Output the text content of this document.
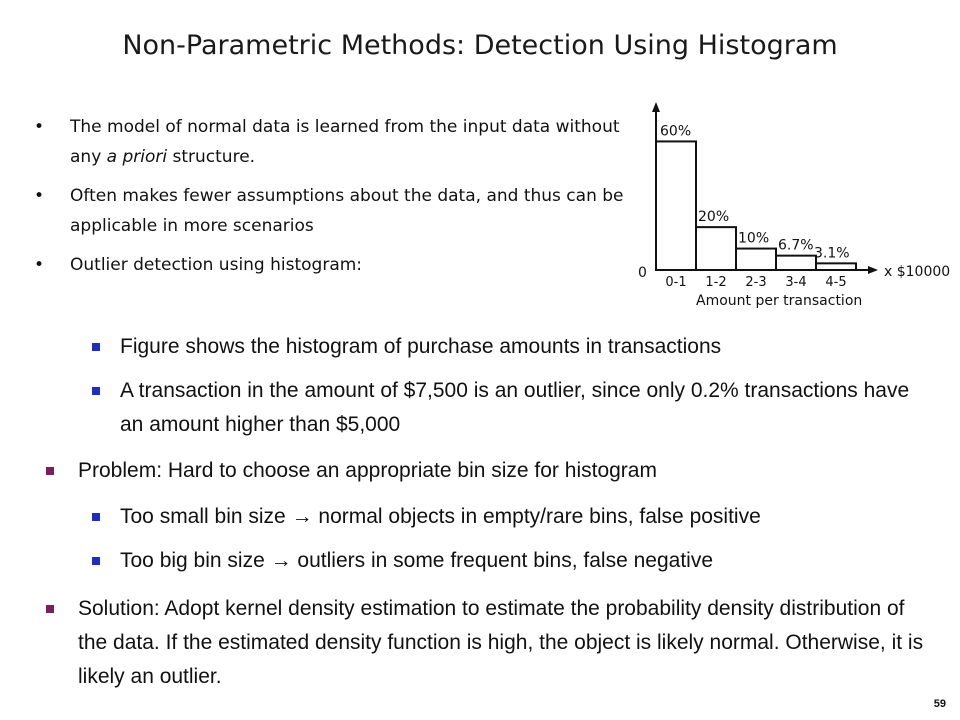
Non-Parametric Methods: Detection Using Histogram
• The model of normal data is learned from the input data without any a priori structure.
• Often makes fewer assumptions about the data, and thus can be applicable in more scenarios
• Outlier detection using histogram:
60%
20%
10% 6.7% 3.1%
0-1 1-2 2-3 3-4 4-5
0	x $10000
Amount per transaction
Figure shows the histogram of purchase amounts in transactions
A transaction in the amount of $7,500 is an outlier, since only 0.2% transactions have an amount higher than $5,000
Problem: Hard to choose an appropriate bin size for histogram
Too small bin size → normal objects in empty/rare bins, false positive
Too big bin size → outliers in some frequent bins, false negative
Solution: Adopt kernel density estimation to estimate the probability density distribution of the data. If the estimated density function is high, the object is likely normal. Otherwise, it is likely an outlier.
59
